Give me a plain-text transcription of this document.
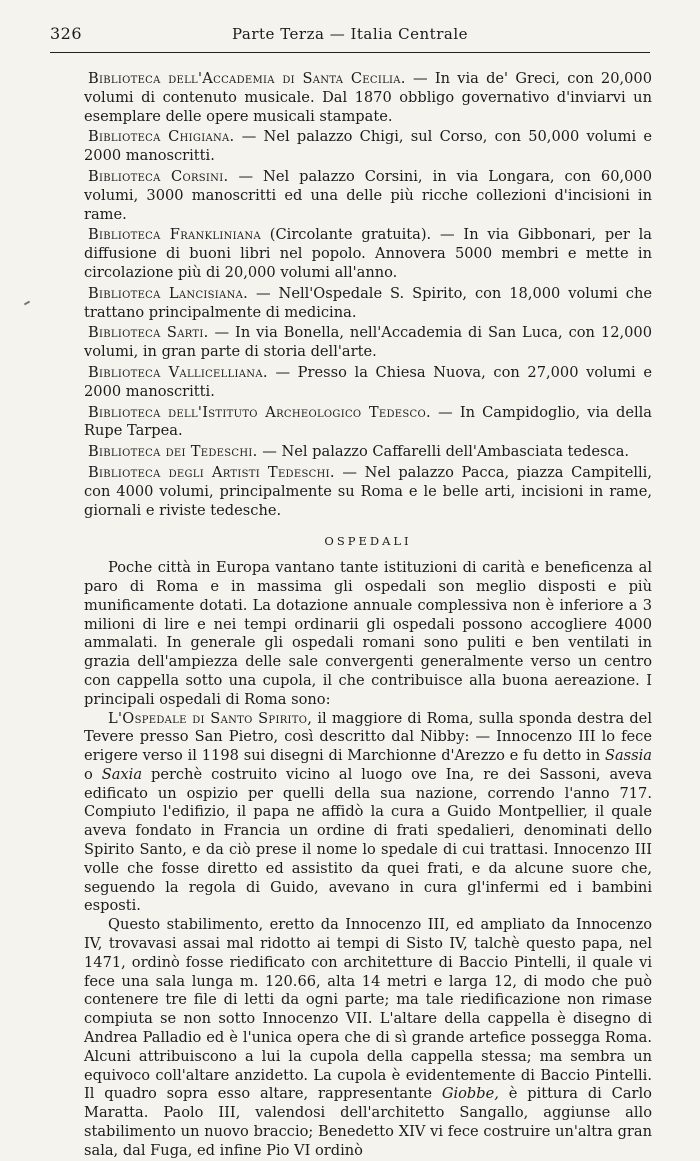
326	Parte Terza — Italia Centrale

Biblioteca dell'Accademia di Santa Cecilia. — In via de' Greci, con 20,000 volumi di contenuto musicale. Dal 1870 obbligo governativo d'inviarvi un esemplare delle opere musicali stampate.

Biblioteca Chigiana. — Nel palazzo Chigi, sul Corso, con 50,000 volumi e 2000 manoscritti.

Biblioteca Corsini. — Nel palazzo Corsini, in via Longara, con 60,000 volumi, 3000 manoscritti ed una delle più ricche collezioni d'incisioni in rame.

Biblioteca Frankliniana (Circolante gratuita). — In via Gibbonari, per la diffusione di buoni libri nel popolo. Annovera 5000 membri e mette in circolazione più di 20,000 volumi all'anno.

Biblioteca Lancisiana. — Nell'Ospedale S. Spirito, con 18,000 volumi che trattano principalmente di medicina.

Biblioteca Sarti. — In via Bonella, nell'Accademia di San Luca, con 12,000 volumi, in gran parte di storia dell'arte.

Biblioteca Vallicelliana. — Presso la Chiesa Nuova, con 27,000 volumi e 2000 manoscritti.

Biblioteca dell'Istituto Archeologico Tedesco. — In Campidoglio, via della Rupe Tarpea.

Biblioteca dei Tedeschi. — Nel palazzo Caffarelli dell'Ambasciata tedesca.

Biblioteca degli Artisti Tedeschi. — Nel palazzo Pacca, piazza Campitelli, con 4000 volumi, principalmente su Roma e le belle arti, incisioni in rame, giornali e riviste tedesche.

OSPEDALI

Poche città in Europa vantano tante istituzioni di carità e beneficenza al paro di Roma e in massima gli ospedali son meglio disposti e più munificamente dotati. La dotazione annuale complessiva non è inferiore a 3 milioni di lire e nei tempi ordinarii gli ospedali possono accogliere 4000 ammalati. In generale gli ospedali romani sono puliti e ben ventilati in grazia dell'ampiezza delle sale convergenti generalmente verso un centro con cappella sotto una cupola, il che contribuisce alla buona aereazione. I principali ospedali di Roma sono:

L'Ospedale di Santo Spirito, il maggiore di Roma, sulla sponda destra del Tevere presso San Pietro, così descritto dal Nibby: — Innocenzo III lo fece erigere verso il 1198 sui disegni di Marchionne d'Arezzo e fu detto in Sassia o Saxia perchè costruito vicino al luogo ove Ina, re dei Sassoni, aveva edificato un ospizio per quelli della sua nazione, correndo l'anno 717. Compiuto l'edifizio, il papa ne affidò la cura a Guido Montpellier, il quale aveva fondato in Francia un ordine di frati spedalieri, denominati dello Spirito Santo, e da ciò prese il nome lo spedale di cui trattasi. Innocenzo III volle che fosse diretto ed assistito da quei frati, e da alcune suore che, seguendo la regola di Guido, avevano in cura gl'infermi ed i bambini esposti.

Questo stabilimento, eretto da Innocenzo III, ed ampliato da Innocenzo IV, trovavasi assai mal ridotto ai tempi di Sisto IV, talchè questo papa, nel 1471, ordinò fosse riedificato con architetture di Baccio Pintelli, il quale vi fece una sala lunga m. 120.66, alta 14 metri e larga 12, di modo che può contenere tre file di letti da ogni parte; ma tale riedificazione non rimase compiuta se non sotto Innocenzo VII. L'altare della cappella è disegno di Andrea Palladio ed è l'unica opera che di sì grande artefice possegga Roma. Alcuni attribuiscono a lui la cupola della cappella stessa; ma sembra un equivoco coll'altare anzidetto. La cupola è evidentemente di Baccio Pintelli. Il quadro sopra esso altare, rappresentante Giobbe, è pittura di Carlo Maratta. Paolo III, valendosi dell'architetto Sangallo, aggiunse allo stabilimento un nuovo braccio; Benedetto XIV vi fece costruire un'altra gran sala, dal Fuga, ed infine Pio VI ordinò
